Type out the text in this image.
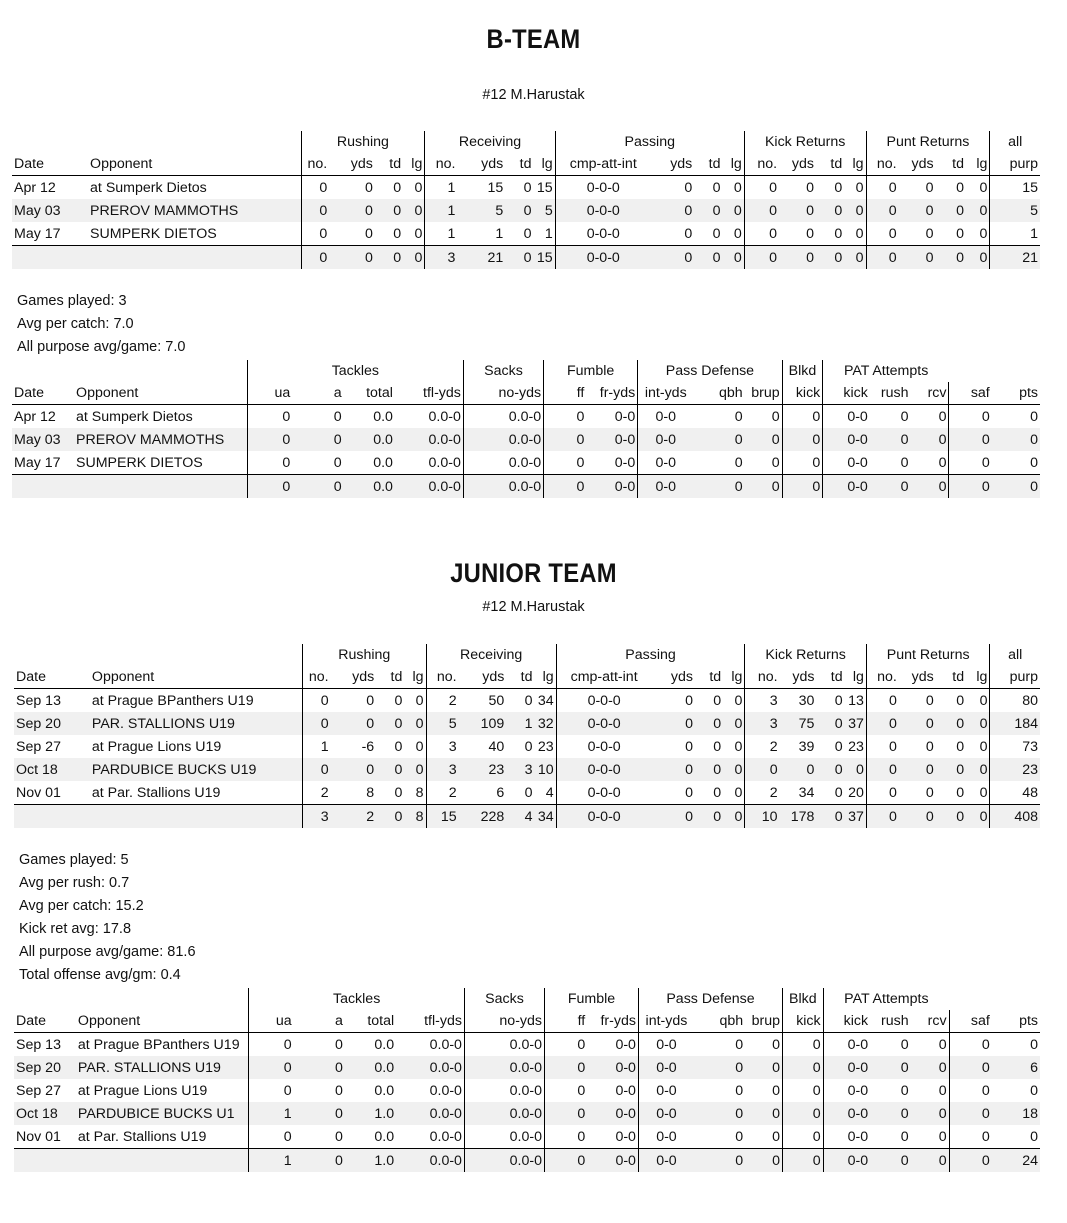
B-TEAM
#12 M.Harustak
		Rushing				Receiving				Passing				Kick Returns				Punt Returns				all
Date	Opponent	no.	yds	td	lg	no.	yds	td	lg	cmp-att-int	yds	td	lg	no.	yds	td	lg	no.	yds	td	lg	purp
Apr 12	at Sumperk Dietos	0	0	0	0	1	15	0	15	0-0-0	0	0	0	0	0	0	0	0	0	0	0	15
May 03	PREROV MAMMOTHS	0	0	0	0	1	5	0	5	0-0-0	0	0	0	0	0	0	0	0	0	0	0	5
May 17	SUMPERK DIETOS	0	0	0	0	1	1	0	1	0-0-0	0	0	0	0	0	0	0	0	0	0	0	1
		0	0	0	0	3	21	0	15	0-0-0	0	0	0	0	0	0	0	0	0	0	0	21
Games played: 3
Avg per catch: 7.0
All purpose avg/game: 7.0
		Tackles				Sacks	Fumble		Pass Defense			Blkd	PAT Attempts				
Date	Opponent	ua	a	total	tfl-yds	no-yds	ff	fr-yds	int-yds	qbh	brup	kick	kick	rush	rcv	saf	pts
Apr 12	at Sumperk Dietos	0	0	0.0	0.0-0	0.0-0	0	0-0	0-0	0	0	0	0-0	0	0	0	0
May 03	PREROV MAMMOTHS	0	0	0.0	0.0-0	0.0-0	0	0-0	0-0	0	0	0	0-0	0	0	0	0
May 17	SUMPERK DIETOS	0	0	0.0	0.0-0	0.0-0	0	0-0	0-0	0	0	0	0-0	0	0	0	0
		0	0	0.0	0.0-0	0.0-0	0	0-0	0-0	0	0	0	0-0	0	0	0	0
JUNIOR TEAM
#12 M.Harustak
		Rushing				Receiving				Passing				Kick Returns				Punt Returns				all
Date	Opponent	no.	yds	td	lg	no.	yds	td	lg	cmp-att-int	yds	td	lg	no.	yds	td	lg	no.	yds	td	lg	purp
Sep 13	at Prague BPanthers U19	0	0	0	0	2	50	0	34	0-0-0	0	0	0	3	30	0	13	0	0	0	0	80
Sep 20	PAR. STALLIONS U19	0	0	0	0	5	109	1	32	0-0-0	0	0	0	3	75	0	37	0	0	0	0	184
Sep 27	at Prague Lions U19	1	-6	0	0	3	40	0	23	0-0-0	0	0	0	2	39	0	23	0	0	0	0	73
Oct 18	PARDUBICE BUCKS U19	0	0	0	0	3	23	3	10	0-0-0	0	0	0	0	0	0	0	0	0	0	0	23
Nov 01	at Par. Stallions U19	2	8	0	8	2	6	0	4	0-0-0	0	0	0	2	34	0	20	0	0	0	0	48
		3	2	0	8	15	228	4	34	0-0-0	0	0	0	10	178	0	37	0	0	0	0	408
Games played: 5
Avg per rush: 0.7
Avg per catch: 15.2
Kick ret avg: 17.8
All purpose avg/game: 81.6
Total offense avg/gm: 0.4
		Tackles				Sacks	Fumble		Pass Defense			Blkd	PAT Attempts				
Date	Opponent	ua	a	total	tfl-yds	no-yds	ff	fr-yds	int-yds	qbh	brup	kick	kick	rush	rcv	saf	pts
Sep 13	at Prague BPanthers U19	0	0	0.0	0.0-0	0.0-0	0	0-0	0-0	0	0	0	0-0	0	0	0	0
Sep 20	PAR. STALLIONS U19	0	0	0.0	0.0-0	0.0-0	0	0-0	0-0	0	0	0	0-0	0	0	0	6
Sep 27	at Prague Lions U19	0	0	0.0	0.0-0	0.0-0	0	0-0	0-0	0	0	0	0-0	0	0	0	0
Oct 18	PARDUBICE BUCKS U1	1	0	1.0	0.0-0	0.0-0	0	0-0	0-0	0	0	0	0-0	0	0	0	18
Nov 01	at Par. Stallions U19	0	0	0.0	0.0-0	0.0-0	0	0-0	0-0	0	0	0	0-0	0	0	0	0
		1	0	1.0	0.0-0	0.0-0	0	0-0	0-0	0	0	0	0-0	0	0	0	24
